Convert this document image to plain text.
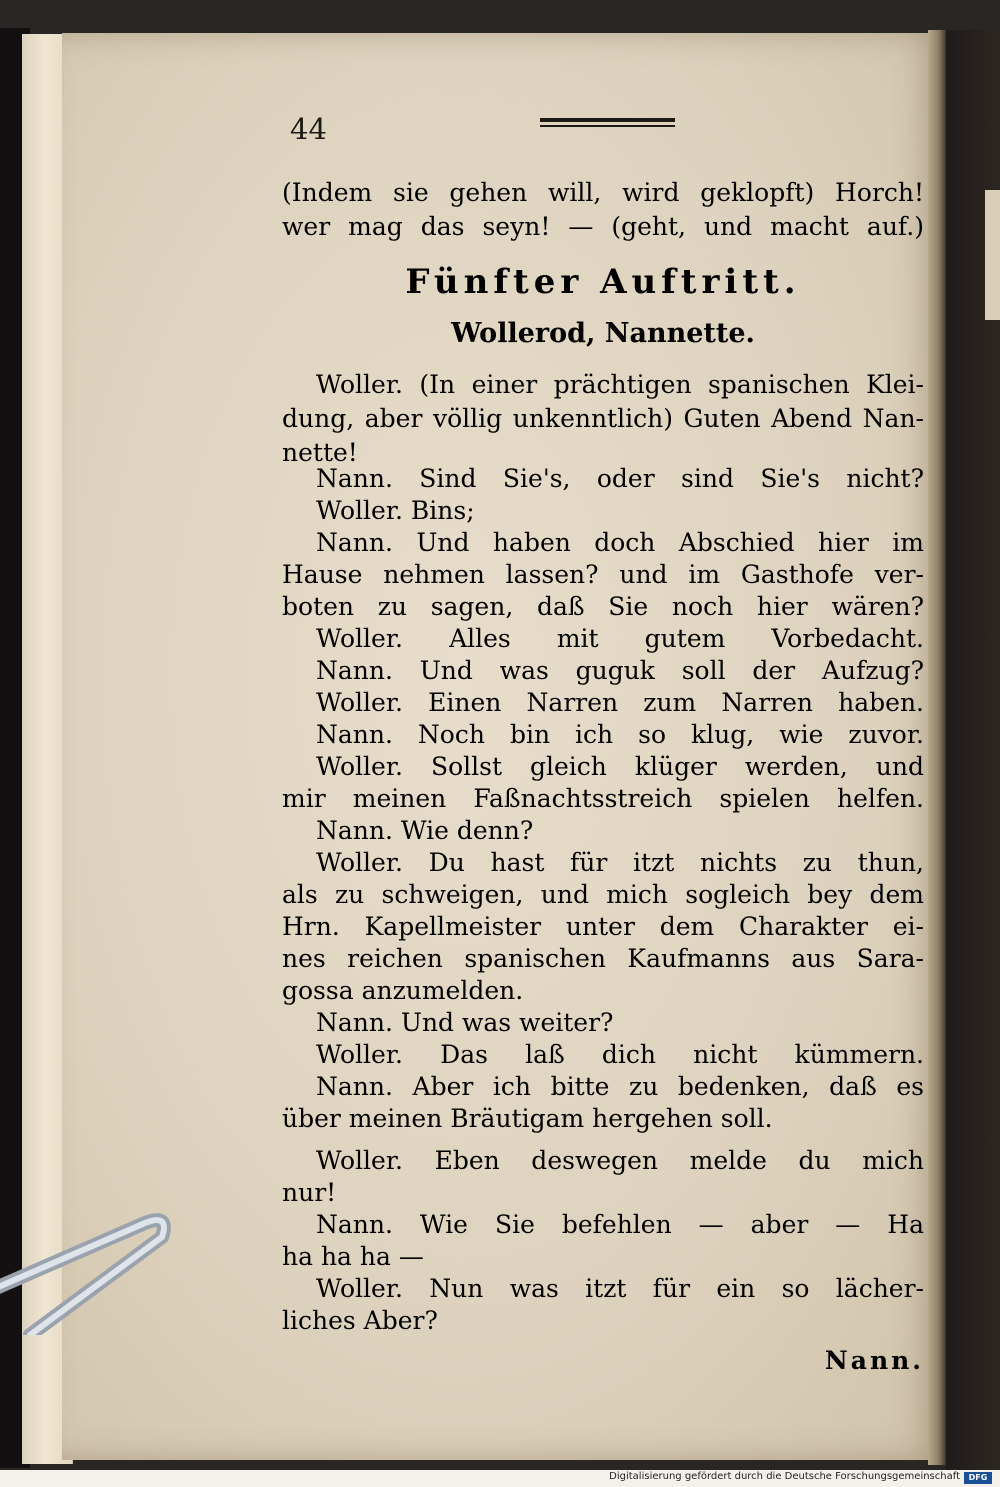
44
(Indem sie gehen will, wird geklopft) Horch!
wer mag das seyn! — (geht, und macht auf.)
Fünfter Auftritt.
Wollerod, Nannette.
Woller. (In einer prächtigen spanischen Klei-
dung, aber völlig unkenntlich) Guten Abend Nan-
nette!
Nann. Sind Sie's, oder sind Sie's nicht?
Woller. Bins;
Nann. Und haben doch Abschied hier im
Hause nehmen lassen? und im Gasthofe ver-
boten zu sagen, daß Sie noch hier wären?
Woller. Alles mit gutem Vorbedacht.
Nann. Und was guguk soll der Aufzug?
Woller. Einen Narren zum Narren haben.
Nann. Noch bin ich so klug, wie zuvor.
Woller. Sollst gleich klüger werden, und
mir meinen Faßnachtsstreich spielen helfen.
Nann. Wie denn?
Woller. Du hast für itzt nichts zu thun,
als zu schweigen, und mich sogleich bey dem
Hrn. Kapellmeister unter dem Charakter ei-
nes reichen spanischen Kaufmanns aus Sara-
gossa anzumelden.
Nann. Und was weiter?
Woller. Das laß dich nicht kümmern.
Nann. Aber ich bitte zu bedenken, daß es
über meinen Bräutigam hergehen soll.
Woller. Eben deswegen melde du mich
nur!
Nann. Wie Sie befehlen — aber — Ha
ha ha ha —
Woller. Nun was itzt für ein so lächer-
liches Aber?
Nann.
Digitalisierung gefördert durch die Deutsche Forschungsgemeinschaft	DFG
